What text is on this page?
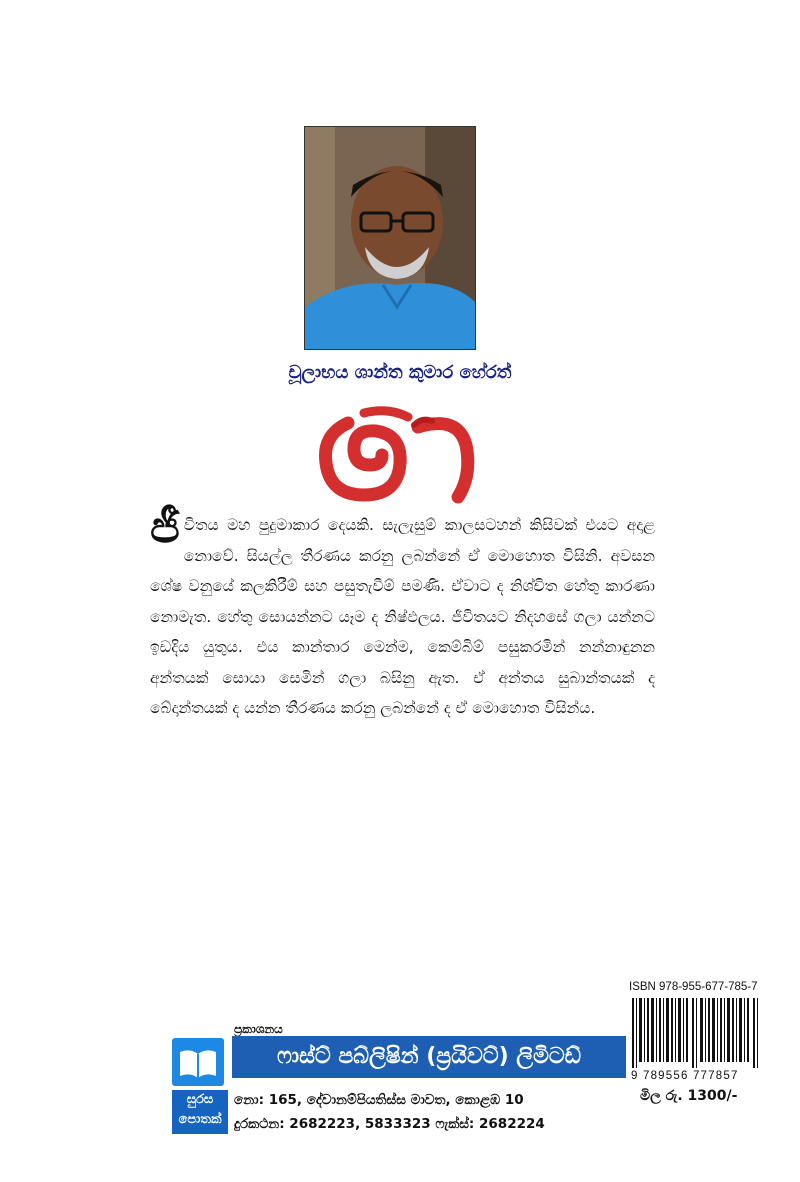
චූලාභය ශාන්ත කුමාර හේරත්
ජීවිතය මහ පුදුමාකාර දෙයකි. සැලැසුම් කාලසටහන් කිසිවක් එයට අදාළ නොවේ. සියල්ල තීරණය කරනු ලබන්නේ ඒ මොහොත විසිනි. අවසන ශේෂ වනුයේ කලකිරීම් සහ පසුතැවීම් පමණි. ඒවාට ද නිශ්චිත හේතු කාරණා නොමැත. හේතු සොයන්නට යෑම ද නිෂ්ඵලය. ජීවිතයට නිදහසේ ගලා යන්නට ඉඩදිය යුතුය. එය කාන්තාර මෙන්ම, කෙම්බිම් පසුකරමින් නන්නාඳුනන අන්තයක් සොයා සෙමින් ගලා බසිනු ඇත. ඒ අන්තය සුබාන්තයක් ද බේදාන්තයක් ද යන්න තීරණය කරනු ලබන්නේ ද ඒ මොහොත විසින්ය.
ISBN 978-955-677-785-7
9 789556 777857
මිල රු. 1300/-
ප්‍රකාශනය
සුරස
පොතක්
ෆාස්ට් පබ්ලිෂින් (ප්‍රයිවට්) ලිමිටඩ්
නො: 165, දේවානම්පියතිස්ස මාවත, කොළඹ 10
දුරකථන: 2682223, 5833323 ෆැක්ස්: 2682224
